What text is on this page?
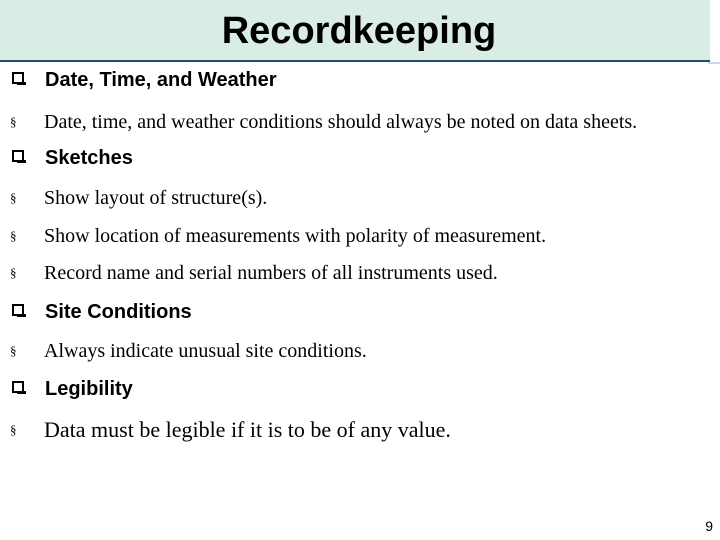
Recordkeeping
Date, Time, and Weather
§ Date, time, and weather conditions should always be noted on data sheets.
Sketches
§ Show layout of structure(s).
§ Show location of measurements with polarity of measurement.
§ Record name and serial numbers of all instruments used.
Site Conditions
§ Always indicate unusual site conditions.
Legibility
§ Data must be legible if it is to be of any value.
9
